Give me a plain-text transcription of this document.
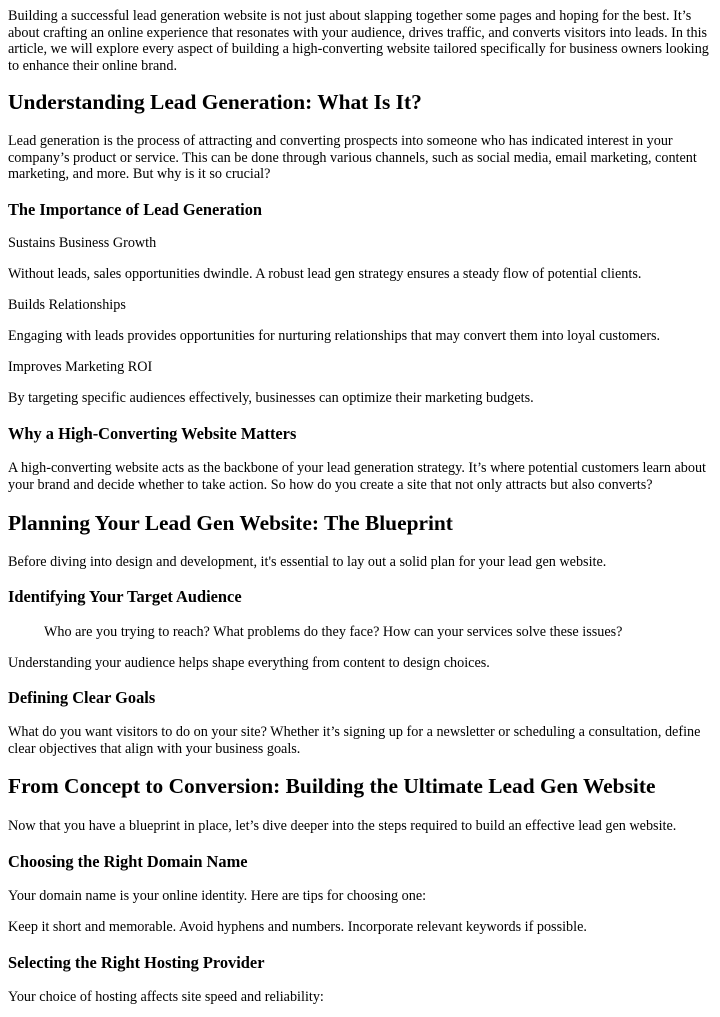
Building a successful lead generation website is not just about slapping together some pages and hoping for the best. It’s about crafting an online experience that resonates with your audience, drives traffic, and converts visitors into leads. In this article, we will explore every aspect of building a high-converting website tailored specifically for business owners looking to enhance their online brand.

Understanding Lead Generation: What Is It?

Lead generation is the process of attracting and converting prospects into someone who has indicated interest in your company’s product or service. This can be done through various channels, such as social media, email marketing, content marketing, and more. But why is it so crucial?

The Importance of Lead Generation

Sustains Business Growth

Without leads, sales opportunities dwindle. A robust lead gen strategy ensures a steady flow of potential clients.

Builds Relationships

Engaging with leads provides opportunities for nurturing relationships that may convert them into loyal customers.

Improves Marketing ROI

By targeting specific audiences effectively, businesses can optimize their marketing budgets.

Why a High-Converting Website Matters

A high-converting website acts as the backbone of your lead generation strategy. It’s where potential customers learn about your brand and decide whether to take action. So how do you create a site that not only attracts but also converts?

Planning Your Lead Gen Website: The Blueprint

Before diving into design and development, it's essential to lay out a solid plan for your lead gen website.

Identifying Your Target Audience

Who are you trying to reach? What problems do they face? How can your services solve these issues?

Understanding your audience helps shape everything from content to design choices.

Defining Clear Goals

What do you want visitors to do on your site? Whether it’s signing up for a newsletter or scheduling a consultation, define clear objectives that align with your business goals.

From Concept to Conversion: Building the Ultimate Lead Gen Website

Now that you have a blueprint in place, let’s dive deeper into the steps required to build an effective lead gen website.

Choosing the Right Domain Name

Your domain name is your online identity. Here are tips for choosing one:

Keep it short and memorable. Avoid hyphens and numbers. Incorporate relevant keywords if possible.

Selecting the Right Hosting Provider

Your choice of hosting affects site speed and reliability:
